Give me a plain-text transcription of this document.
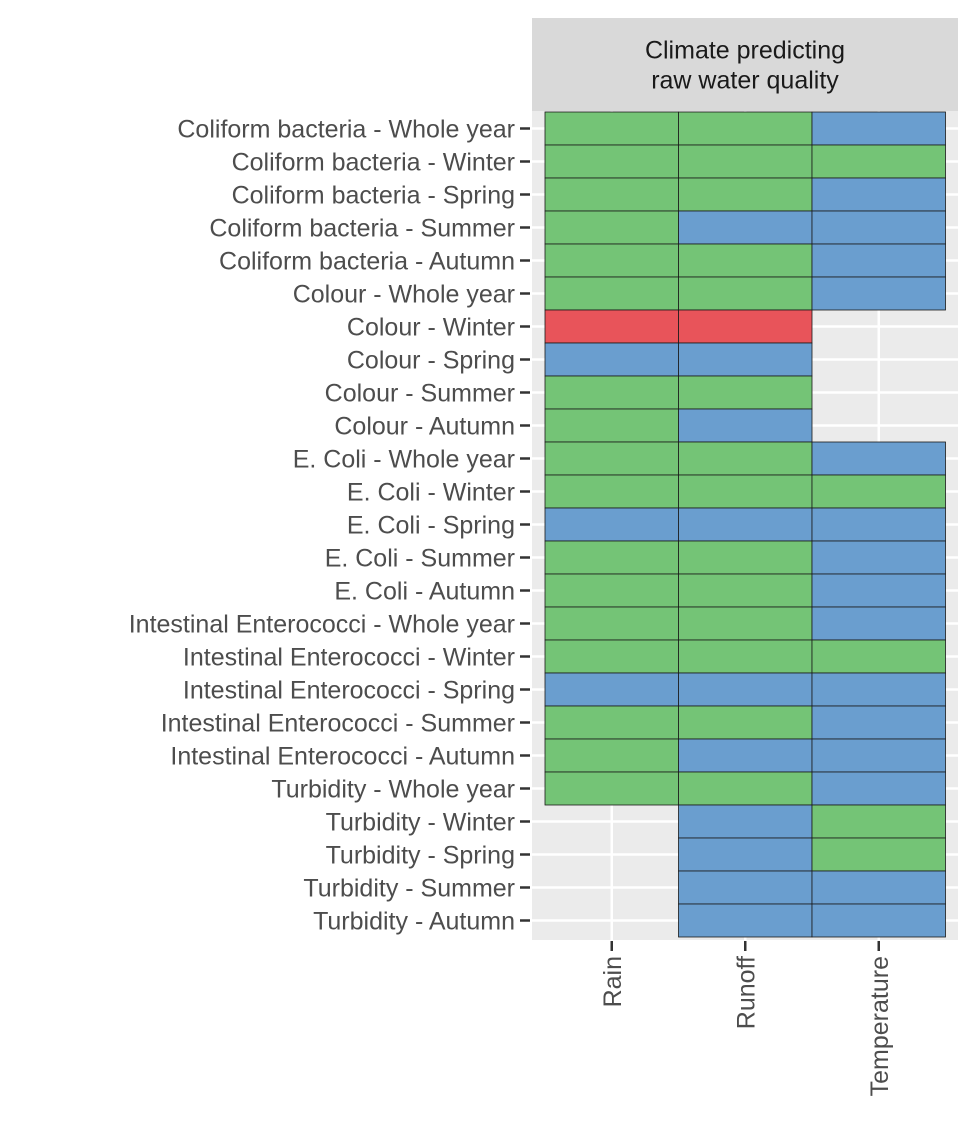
Climate predicting
raw water quality
Coliform bacteria - Whole year
Coliform bacteria - Winter
Coliform bacteria - Spring
Coliform bacteria - Summer
Coliform bacteria - Autumn
Colour - Whole year
Colour - Winter
Colour - Spring
Colour - Summer
Colour - Autumn
E. Coli - Whole year
E. Coli - Winter
E. Coli - Spring
E. Coli - Summer
E. Coli - Autumn
Intestinal Enterococci - Whole year
Intestinal Enterococci - Winter
Intestinal Enterococci - Spring
Intestinal Enterococci - Summer
Intestinal Enterococci - Autumn
Turbidity - Whole year
Turbidity - Winter
Turbidity - Spring
Turbidity - Summer
Turbidity - Autumn
Rain	Runoff	Temperature
